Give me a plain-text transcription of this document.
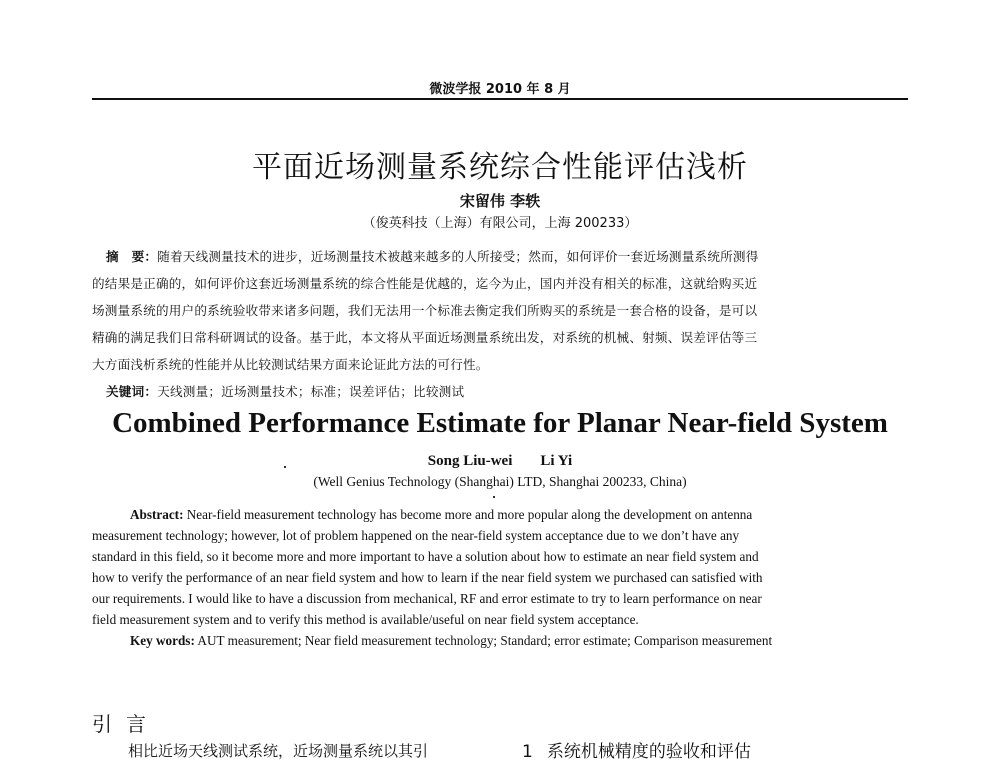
微波学报 2010 年 8 月
平面近场测量系统综合性能评估浅析
宋留伟 李轶
（俊英科技（上海）有限公司，上海 200233）
摘　要：随着天线测量技术的进步，近场测量技术被越来越多的人所接受；然而，如何评价一套近场测量系统所测得
的结果是正确的，如何评价这套近场测量系统的综合性能是优越的，迄今为止，国内并没有相关的标准，这就给购买近
场测量系统的用户的系统验收带来诸多问题，我们无法用一个标准去衡定我们所购买的系统是一套合格的设备，是可以
精确的满足我们日常科研调试的设备。基于此，本文将从平面近场测量系统出发，对系统的机械、射频、误差评估等三
大方面浅析系统的性能并从比较测试结果方面来论证此方法的可行性。
关键词：天线测量；近场测量技术；标准；误差评估；比较测试
Combined Performance Estimate for Planar Near-field System
Song Liu-wei Li Yi
(Well Genius Technology (Shanghai) LTD, Shanghai 200233, China)
Abstract: Near-field measurement technology has become more and more popular along the development on antenna
measurement technology; however, lot of problem happened on the near-field system acceptance due to we don’t have any
standard in this field, so it become more and more important to have a solution about how to estimate an near field system and
how to verify the performance of an near field system and how to learn if the near field system we purchased can satisfied with
our requirements. I would like to have a discussion from mechanical, RF and error estimate to try to learn performance on near
field measurement system and to verify this method is available/useful on near field system acceptance.
Key words: AUT measurement; Near field measurement technology; Standard; error estimate; Comparison measurement
引言
相比近场天线测试系统，近场测量系统以其引	1 系统机械精度的验收和评估
